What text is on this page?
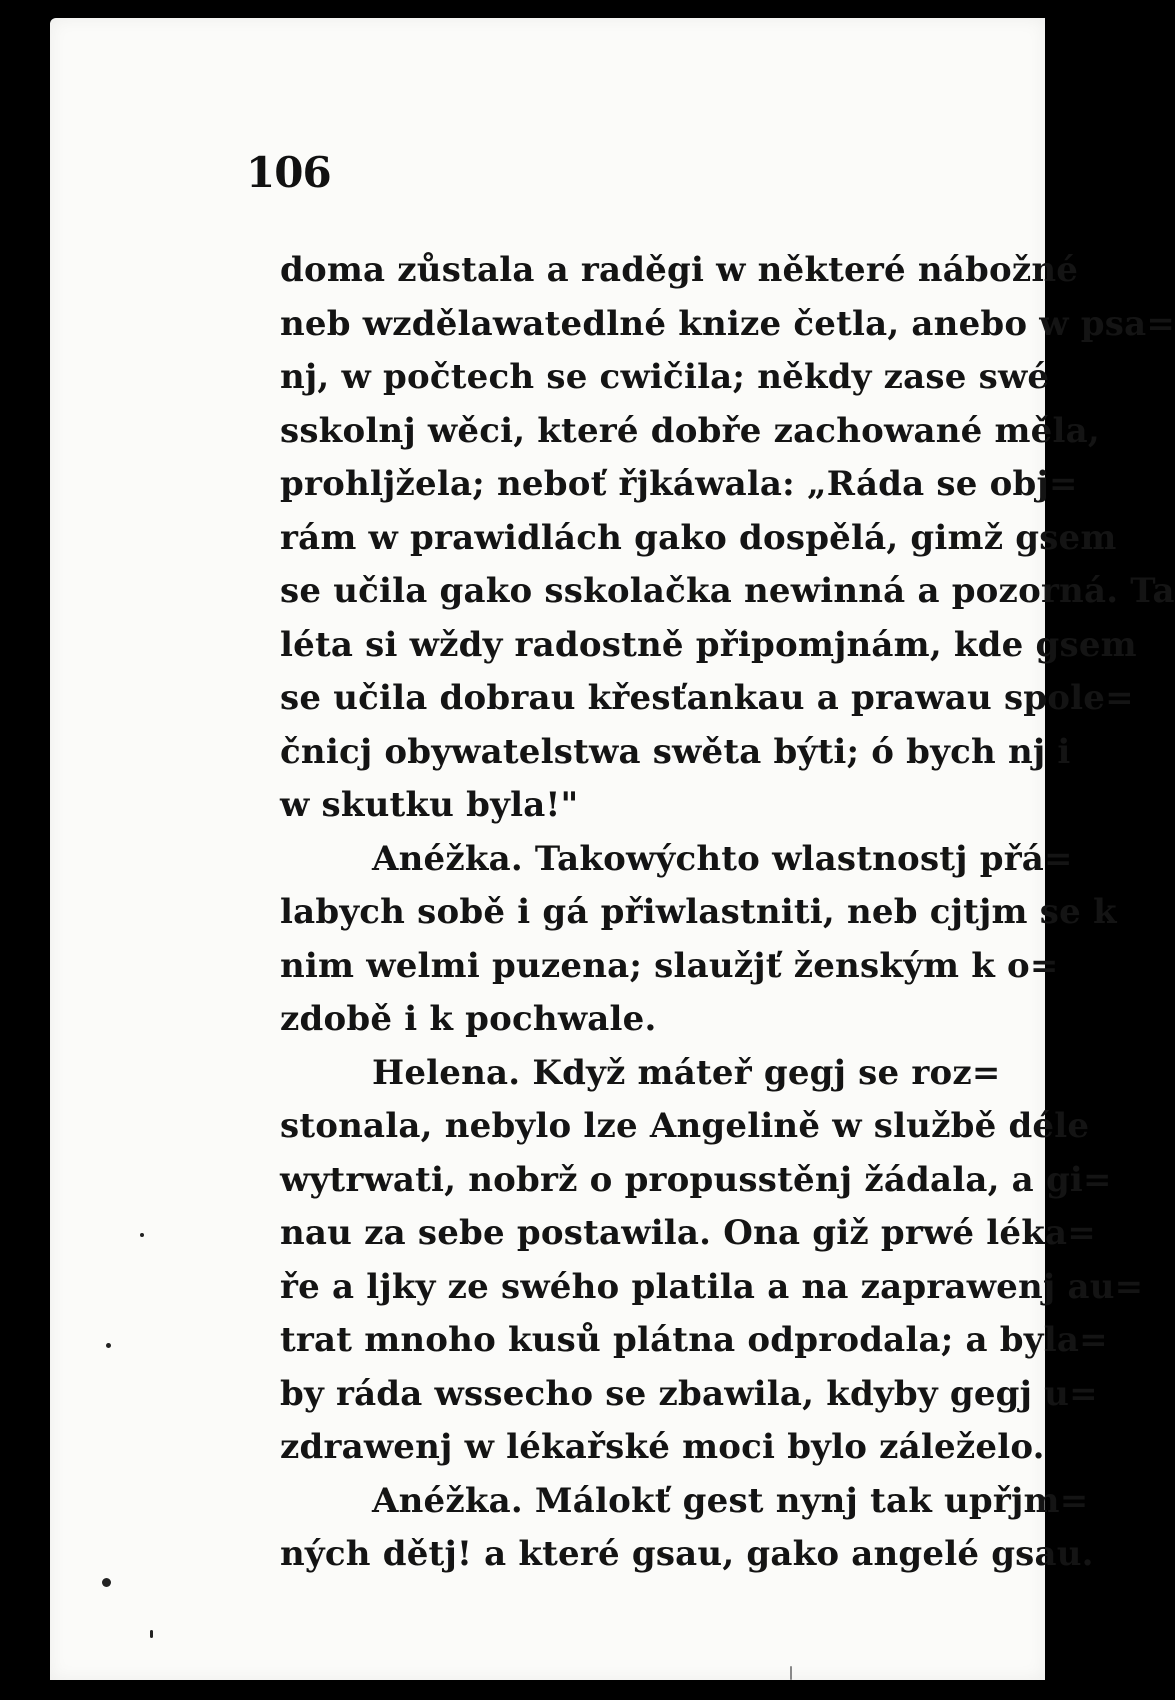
106
doma zůstala a raděgi w některé nábožné
neb wzdělawatedlné knize četla, anebo w psa=
nj, w počtech se cwičila; někdy zase swé
sskolnj wěci, které dobře zachowané měla,
prohljžela; neboť řjkáwala: „Ráda se obj=
rám w prawidlách gako dospělá, gimž gsem
se učila gako sskolačka newinná a pozorná. Ta
léta si wždy radostně připomjnám, kde gsem
se učila dobrau křesťankau a prawau spole=
čnicj obywatelstwa swěta býti; ó bych nj i
w skutku byla!"
Anéžka. Takowýchto wlastnostj přá=
labych sobě i gá přiwlastniti, neb cjtjm se k
nim welmi puzena; slaužjť ženským k o=
zdobě i k pochwale.
Helena. Když máteř gegj se roz=
stonala, nebylo lze Angelině w službě déle
wytrwati, nobrž o propusstěnj žádala, a gi=
nau za sebe postawila. Ona giž prwé lékа=
ře a ljky ze swého platila a na zaprawenj au=
trat mnoho kusů plátna odprodala; a byla=
by ráda wssecho se zbawila, kdyby gegj u=
zdrawenj w lékařské moci bylo záleželo.
Anéžka. Málokť gest nynj tak upřjm=
ných dětj! a které gsau, gako angelé gsau.
